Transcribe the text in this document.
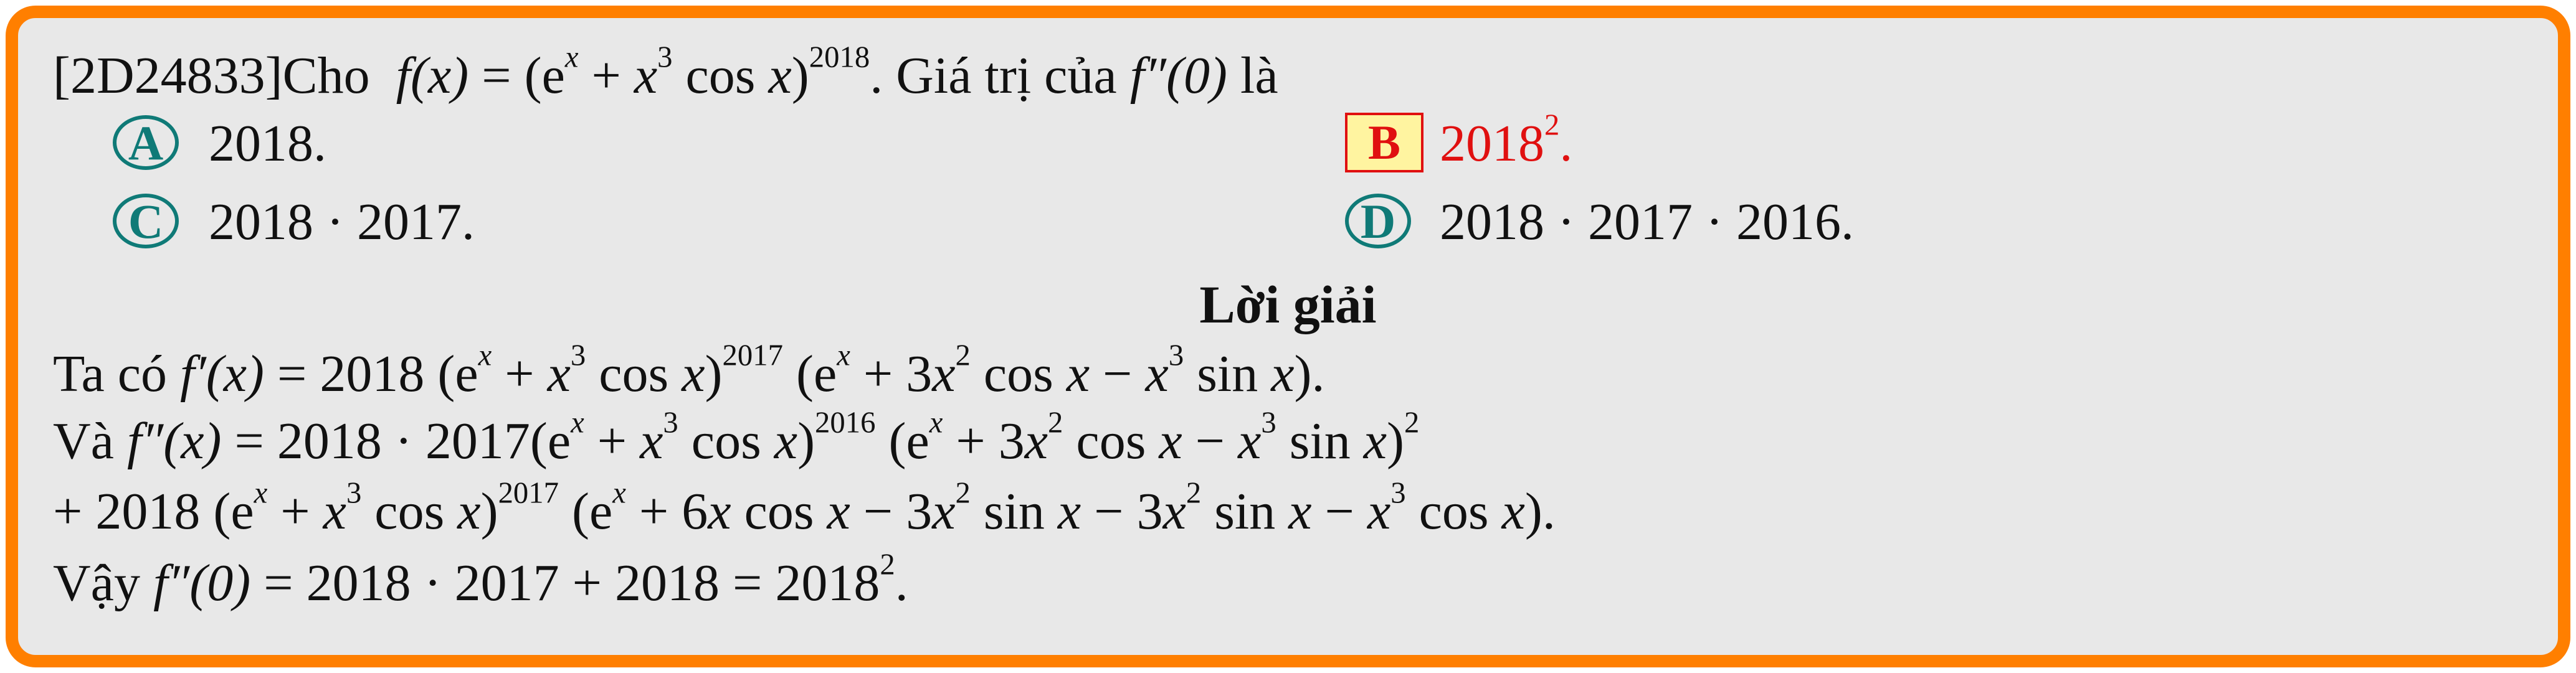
[2D24833]Cho $f(x) = (e^x + x^3$ cos x)$^{2018}$. Giá trị của f″(0) là
A 2018.	B 2018$^2$.
C 2018 · 2017.	D 2018 · 2017 · 2016.
Lời giải
Ta có f′(x) = 2018 ($e^x + x^3$ cos x)$^{2017}$ ($e^x + 3x^2$ $\cos x - x^3$ sin x).
Và $f''(x) = 2018 \cdot 2017(e^x + x^3$ cos x)$^{2016}$ ($e^x + 3x^2$ $\cos x - x^3$ sin x)$^2$
+ 2018 ($e^x + x^3$ cos x)$^{2017}$ ($e^x + 6x$ $\cos x - 3x^2$ $\sin x - 3x^2$ $\sin x - x^3$ cos x).
Vậy $f''(0) = 2018 \cdot 2017 + 2018 = 2018^2$.
